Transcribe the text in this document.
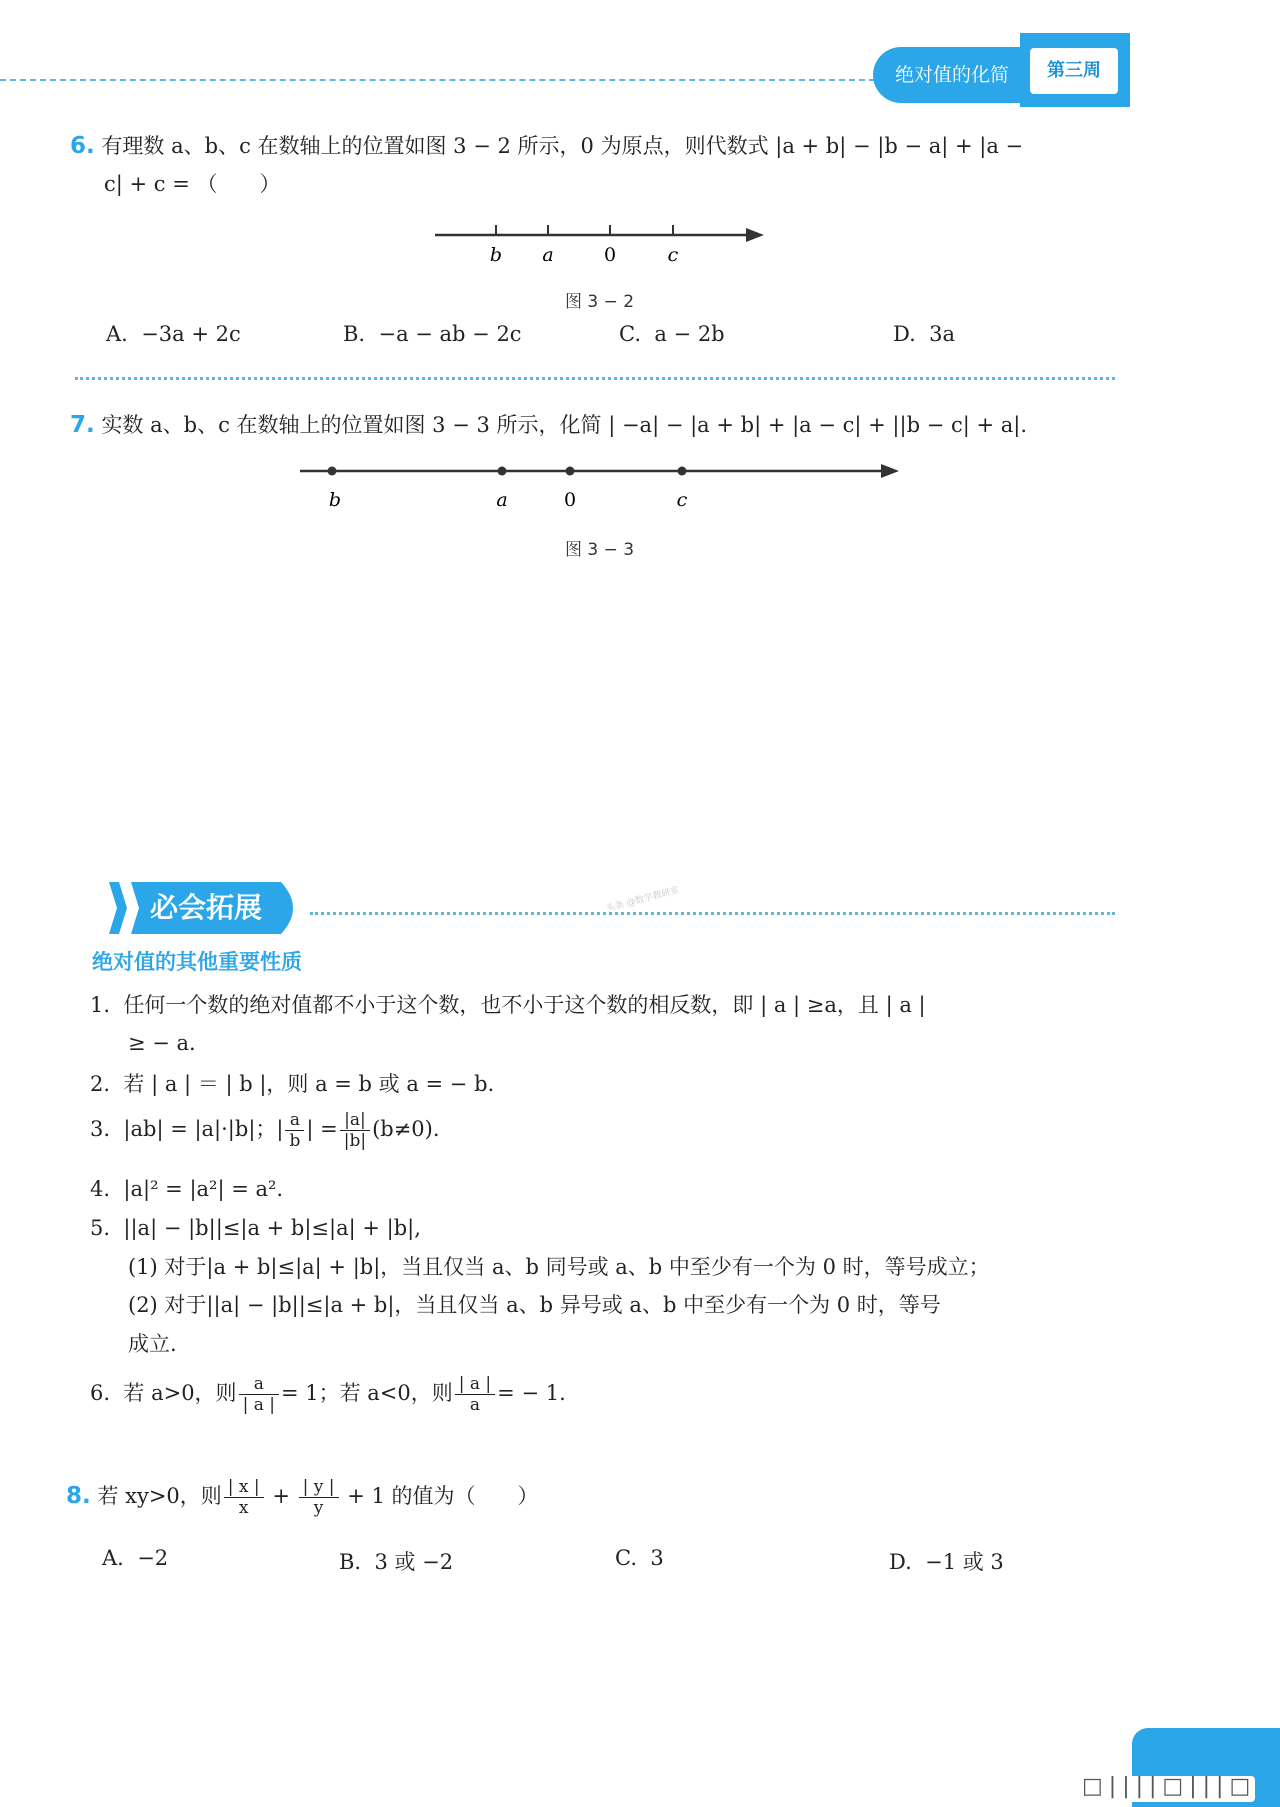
绝对值的化简	第三周
6. 有理数 a、b、c 在数轴上的位置如图 3 − 2 所示，0 为原点，则代数式 |a + b| − |b − a| + |a −
c| + c = （　　）
b a	0	c
图 3 − 2
A. −3a + 2c	B. −a − ab − 2c	C. a − 2b	D. 3a
7. 实数 a、b、c 在数轴上的位置如图 3 − 3 所示，化简 | −a| − |a + b| + |a − c| + ||b − c| + a|.
b	a	0	c
图 3 − 3
必会拓展	头条 @数学教研室
绝对值的其他重要性质
1. 任何一个数的绝对值都不小于这个数，也不小于这个数的相反数，即 | a | ≥a，且 | a |
≥ − a.
2. 若 | a | ＝ | b |，则 a = b 或 a = − b.
3. |ab| = |a|·|b|；| $\frac{a}{b}$ | = $\frac{|a|}{|b|} (b\ne 0)$.
4. |a|² = |a²| = a².
5. ||a| − |b||≤|a + b|≤|a| + |b|,
(1) 对于|a + b|≤|a| + |b|，当且仅当 a、b 同号或 a、b 中至少有一个为 0 时，等号成立；
(2) 对于||a| − |b||≤|a + b|，当且仅当 a、b 异号或 a、b 中至少有一个为 0 时，等号
成立.
6. 若 a>0，则 $\frac{a}{| a |} = 1$；若 a<0，则 $\frac{| a |}{a}$ = − 1.
8. 若 xy>0，则 $\frac{| x |}{x} + \frac{| y |}{y} + 1$ 的值为（　　）
A. −2	B. 3 或 −2	C. 3	D. −1 或 3
□||||□|||□
